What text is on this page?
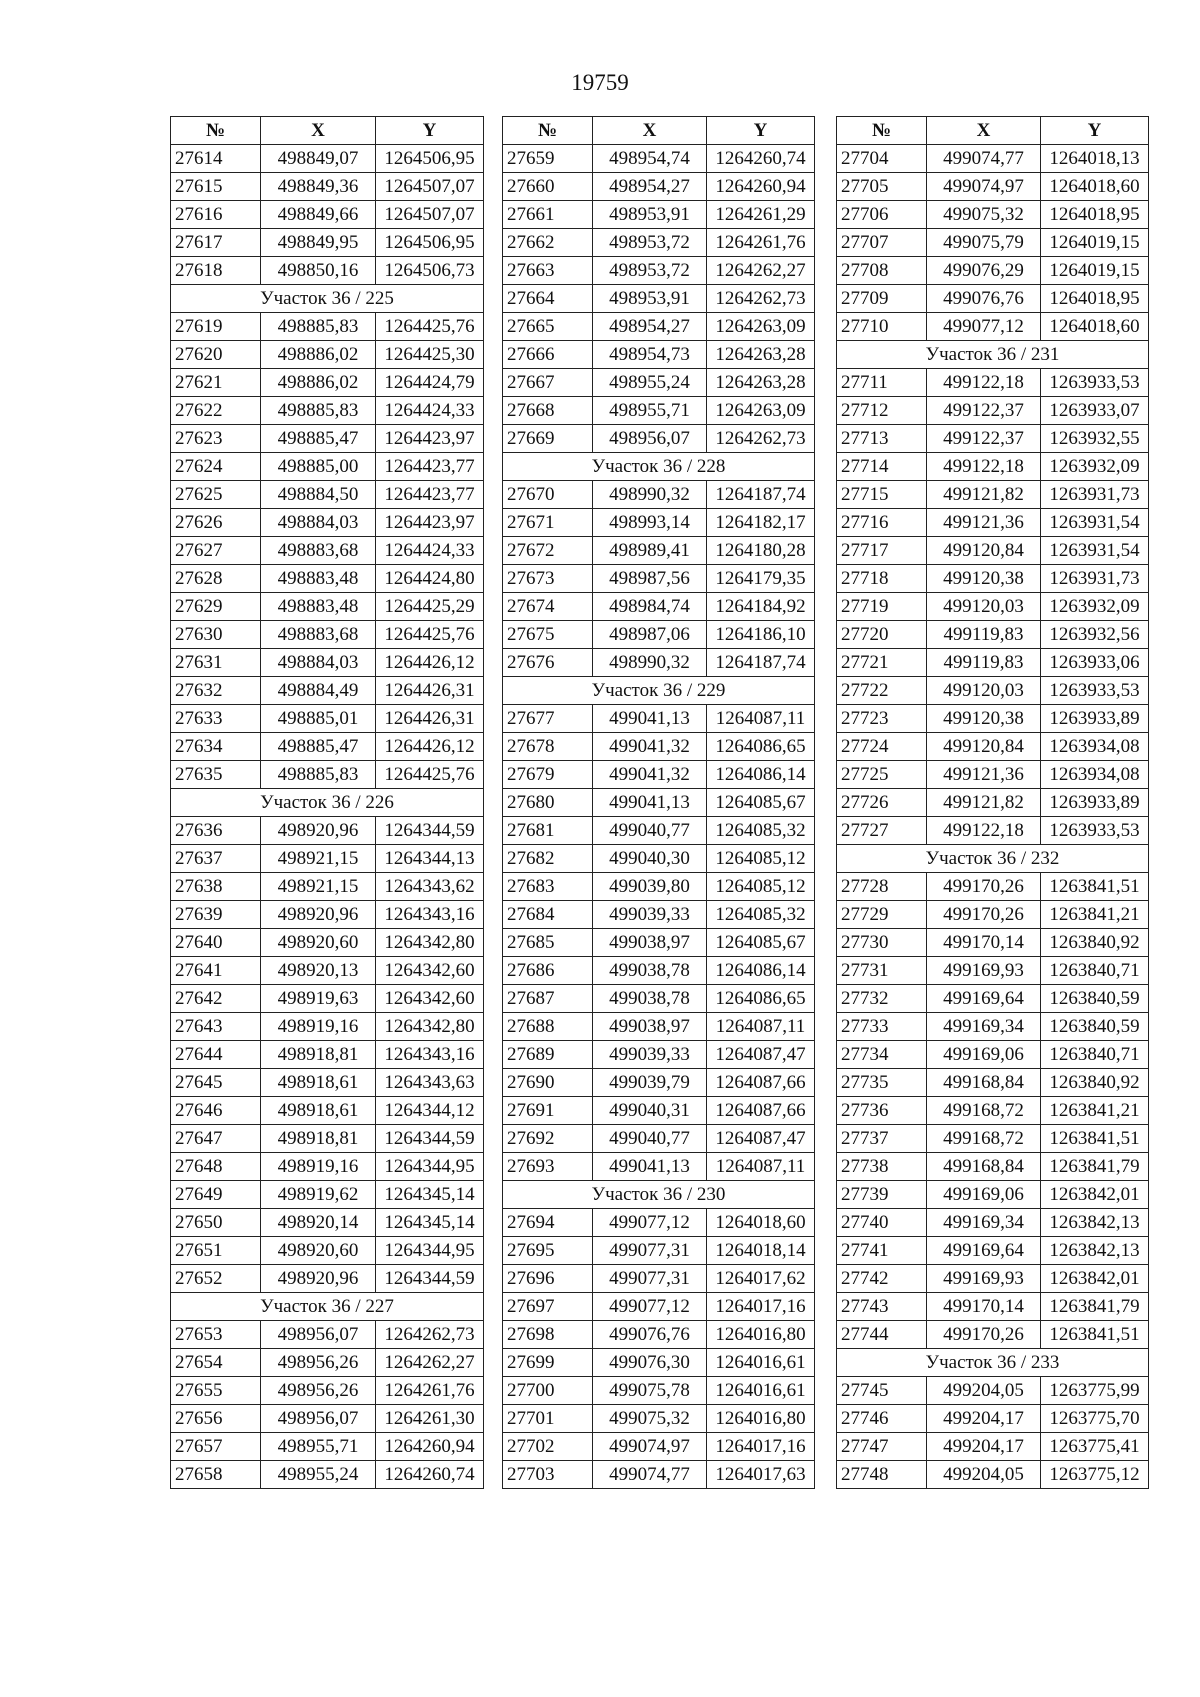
19759
№	X	Y
27614	498849,07	1264506,95
27615	498849,36	1264507,07
27616	498849,66	1264507,07
27617	498849,95	1264506,95
27618	498850,16	1264506,73
Участок 36 / 225		
27619	498885,83	1264425,76
27620	498886,02	1264425,30
27621	498886,02	1264424,79
27622	498885,83	1264424,33
27623	498885,47	1264423,97
27624	498885,00	1264423,77
27625	498884,50	1264423,77
27626	498884,03	1264423,97
27627	498883,68	1264424,33
27628	498883,48	1264424,80
27629	498883,48	1264425,29
27630	498883,68	1264425,76
27631	498884,03	1264426,12
27632	498884,49	1264426,31
27633	498885,01	1264426,31
27634	498885,47	1264426,12
27635	498885,83	1264425,76
Участок 36 / 226		
27636	498920,96	1264344,59
27637	498921,15	1264344,13
27638	498921,15	1264343,62
27639	498920,96	1264343,16
27640	498920,60	1264342,80
27641	498920,13	1264342,60
27642	498919,63	1264342,60
27643	498919,16	1264342,80
27644	498918,81	1264343,16
27645	498918,61	1264343,63
27646	498918,61	1264344,12
27647	498918,81	1264344,59
27648	498919,16	1264344,95
27649	498919,62	1264345,14
27650	498920,14	1264345,14
27651	498920,60	1264344,95
27652	498920,96	1264344,59
Участок 36 / 227		
27653	498956,07	1264262,73
27654	498956,26	1264262,27
27655	498956,26	1264261,76
27656	498956,07	1264261,30
27657	498955,71	1264260,94
27658	498955,24	1264260,74
№	X	Y
27659	498954,74	1264260,74
27660	498954,27	1264260,94
27661	498953,91	1264261,29
27662	498953,72	1264261,76
27663	498953,72	1264262,27
27664	498953,91	1264262,73
27665	498954,27	1264263,09
27666	498954,73	1264263,28
27667	498955,24	1264263,28
27668	498955,71	1264263,09
27669	498956,07	1264262,73
Участок 36 / 228		
27670	498990,32	1264187,74
27671	498993,14	1264182,17
27672	498989,41	1264180,28
27673	498987,56	1264179,35
27674	498984,74	1264184,92
27675	498987,06	1264186,10
27676	498990,32	1264187,74
Участок 36 / 229		
27677	499041,13	1264087,11
27678	499041,32	1264086,65
27679	499041,32	1264086,14
27680	499041,13	1264085,67
27681	499040,77	1264085,32
27682	499040,30	1264085,12
27683	499039,80	1264085,12
27684	499039,33	1264085,32
27685	499038,97	1264085,67
27686	499038,78	1264086,14
27687	499038,78	1264086,65
27688	499038,97	1264087,11
27689	499039,33	1264087,47
27690	499039,79	1264087,66
27691	499040,31	1264087,66
27692	499040,77	1264087,47
27693	499041,13	1264087,11
Участок 36 / 230		
27694	499077,12	1264018,60
27695	499077,31	1264018,14
27696	499077,31	1264017,62
27697	499077,12	1264017,16
27698	499076,76	1264016,80
27699	499076,30	1264016,61
27700	499075,78	1264016,61
27701	499075,32	1264016,80
27702	499074,97	1264017,16
27703	499074,77	1264017,63
№	X	Y
27704	499074,77	1264018,13
27705	499074,97	1264018,60
27706	499075,32	1264018,95
27707	499075,79	1264019,15
27708	499076,29	1264019,15
27709	499076,76	1264018,95
27710	499077,12	1264018,60
Участок 36 / 231		
27711	499122,18	1263933,53
27712	499122,37	1263933,07
27713	499122,37	1263932,55
27714	499122,18	1263932,09
27715	499121,82	1263931,73
27716	499121,36	1263931,54
27717	499120,84	1263931,54
27718	499120,38	1263931,73
27719	499120,03	1263932,09
27720	499119,83	1263932,56
27721	499119,83	1263933,06
27722	499120,03	1263933,53
27723	499120,38	1263933,89
27724	499120,84	1263934,08
27725	499121,36	1263934,08
27726	499121,82	1263933,89
27727	499122,18	1263933,53
Участок 36 / 232		
27728	499170,26	1263841,51
27729	499170,26	1263841,21
27730	499170,14	1263840,92
27731	499169,93	1263840,71
27732	499169,64	1263840,59
27733	499169,34	1263840,59
27734	499169,06	1263840,71
27735	499168,84	1263840,92
27736	499168,72	1263841,21
27737	499168,72	1263841,51
27738	499168,84	1263841,79
27739	499169,06	1263842,01
27740	499169,34	1263842,13
27741	499169,64	1263842,13
27742	499169,93	1263842,01
27743	499170,14	1263841,79
27744	499170,26	1263841,51
Участок 36 / 233		
27745	499204,05	1263775,99
27746	499204,17	1263775,70
27747	499204,17	1263775,41
27748	499204,05	1263775,12
